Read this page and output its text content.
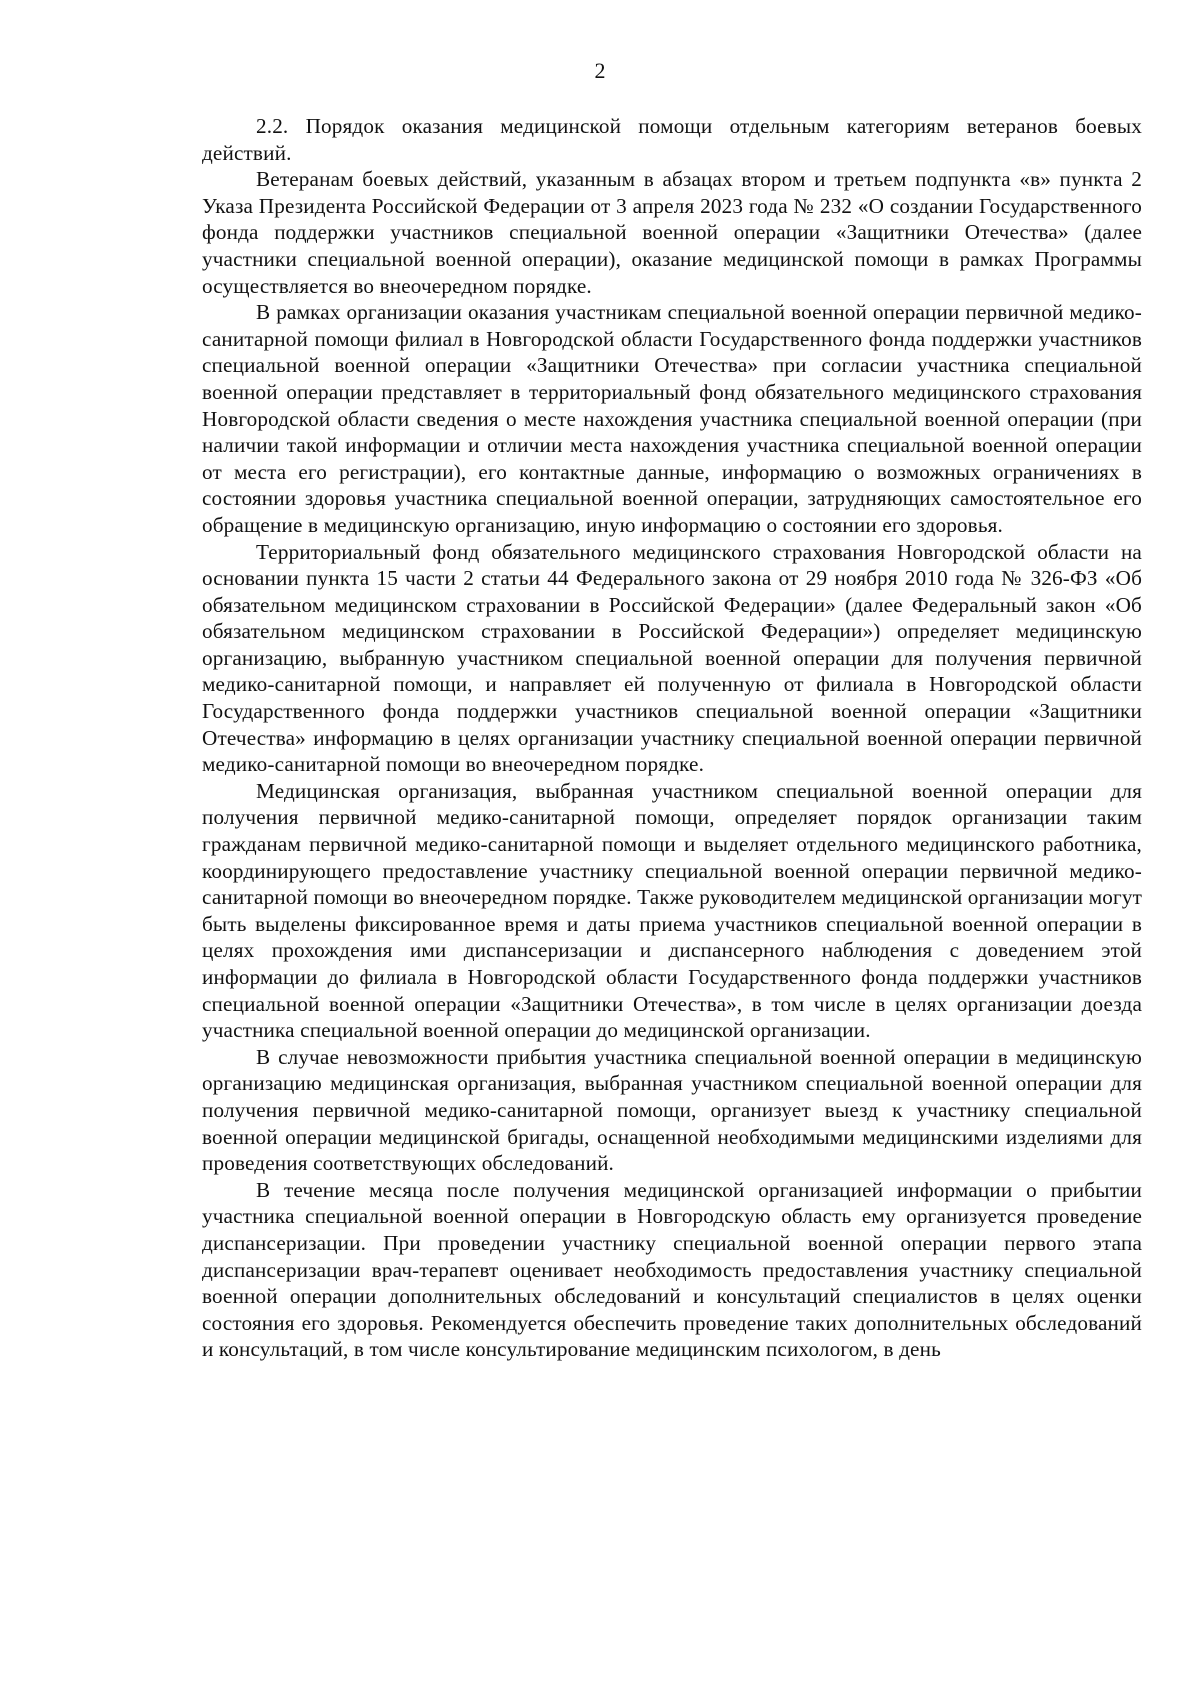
2

2.2. Порядок оказания медицинской помощи отдельным категориям ветеранов боевых действий.

Ветеранам боевых действий, указанным в абзацах втором и третьем подпункта «в» пункта 2 Указа Президента Российской Федерации от 3 апреля 2023 года № 232 «О создании Государственного фонда поддержки участников специальной военной операции «Защитники Отечества» (далее участники специальной военной операции), оказание медицинской помощи в рамках Программы осуществляется во внеочередном порядке.

В рамках организации оказания участникам специальной военной операции первичной медико-санитарной помощи филиал в Новгородской области Государственного фонда поддержки участников специальной военной операции «Защитники Отечества» при согласии участника специальной военной операции представляет в территориальный фонд обязательного медицинского страхования Новгородской области сведения о месте нахождения участника специальной военной операции (при наличии такой информации и отличии места нахождения участника специальной военной операции от места его регистрации), его контактные данные, информацию о возможных ограничениях в состоянии здоровья участника специальной военной операции, затрудняющих самостоятельное его обращение в медицинскую организацию, иную информацию о состоянии его здоровья.

Территориальный фонд обязательного медицинского страхования Новгородской области на основании пункта 15 части 2 статьи 44 Федерального закона от 29 ноября 2010 года № 326-ФЗ «Об обязательном медицинском страховании в Российской Федерации» (далее Федеральный закон «Об обязательном медицинском страховании в Российской Федерации») определяет медицинскую организацию, выбранную участником специальной военной операции для получения первичной медико-санитарной помощи, и направляет ей полученную от филиала в Новгородской области Государственного фонда поддержки участников специальной военной операции «Защитники Отечества» информацию в целях организации участнику специальной военной операции первичной медико-санитарной помощи во внеочередном порядке.

Медицинская организация, выбранная участником специальной военной операции для получения первичной медико-санитарной помощи, определяет порядок организации таким гражданам первичной медико-санитарной помощи и выделяет отдельного медицинского работника, координирующего предоставление участнику специальной военной операции первичной медико-санитарной помощи во внеочередном порядке. Также руководителем медицинской организации могут быть выделены фиксированное время и даты приема участников специальной военной операции в целях прохождения ими диспансеризации и диспансерного наблюдения с доведением этой информации до филиала в Новгородской области Государственного фонда поддержки участников специальной военной операции «Защитники Отечества», в том числе в целях организации доезда участника специальной военной операции до медицинской организации.

В случае невозможности прибытия участника специальной военной операции в медицинскую организацию медицинская организация, выбранная участником специальной военной операции для получения первичной медико-санитарной помощи, организует выезд к участнику специальной военной операции медицинской бригады, оснащенной необходимыми медицинскими изделиями для проведения соответствующих обследований.

В течение месяца после получения медицинской организацией информации о прибытии участника специальной военной операции в Новгородскую область ему организуется проведение диспансеризации. При проведении участнику специальной военной операции первого этапа диспансеризации врач-терапевт оценивает необходимость предоставления участнику специальной военной операции дополнительных обследований и консультаций специалистов в целях оценки состояния его здоровья. Рекомендуется обеспечить проведение таких дополнительных обследований и консультаций, в том числе консультирование медицинским психологом, в день
